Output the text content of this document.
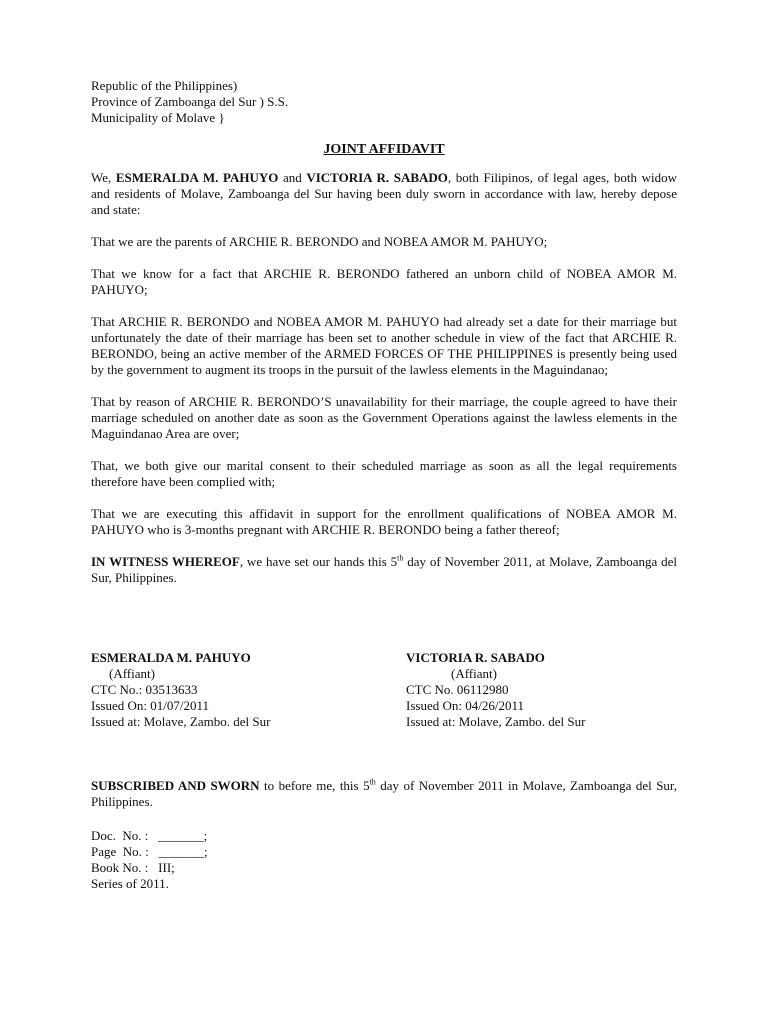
Republic of the Philippines)
Province of Zamboanga del Sur ) S.S.
Municipality of Molave }
JOINT AFFIDAVIT

We, ESMERALDA M. PAHUYO and VICTORIA R. SABADO, both Filipinos, of legal ages, both widow and residents of Molave, Zamboanga del Sur having been duly sworn in accordance with law, hereby depose and state:

That we are the parents of ARCHIE R. BERONDO and NOBEA AMOR M. PAHUYO;

That we know for a fact that ARCHIE R. BERONDO fathered an unborn child of NOBEA AMOR M. PAHUYO;

That ARCHIE R. BERONDO and NOBEA AMOR M. PAHUYO had already set a date for their marriage but unfortunately the date of their marriage has been set to another schedule in view of the fact that ARCHIE R. BERONDO, being an active member of the ARMED FORCES OF THE PHILIPPINES is presently being used by the government to augment its troops in the pursuit of the lawless elements in the Maguindanao;

That by reason of ARCHIE R. BERONDO’S unavailability for their marriage, the couple agreed to have their marriage scheduled on another date as soon as the Government Operations against the lawless elements in the Maguindanao Area are over;

That, we both give our marital consent to their scheduled marriage as soon as all the legal requirements therefore have been complied with;

That we are executing this affidavit in support for the enrollment qualifications of NOBEA AMOR M. PAHUYO who is 3-months pregnant with ARCHIE R. BERONDO being a father thereof;

IN WITNESS WHEREOF, we have set our hands this 5th day of November 2011, at Molave, Zamboanga del Sur, Philippines.

ESMERALDA M. PAHUYO
(Affiant)
CTC No.: 03513633
Issued On: 01/07/2011
Issued at: Molave, Zambo. del Sur
VICTORIA R. SABADO
(Affiant)
CTC No. 06112980
Issued On: 04/26/2011
Issued at: Molave, Zambo. del Sur

SUBSCRIBED AND SWORN to before me, this 5th day of November 2011 in Molave, Zamboanga del Sur, Philippines.

Doc.  No. :   _______;
Page  No. :   _______;
Book No. :   III;
Series of 2011.
